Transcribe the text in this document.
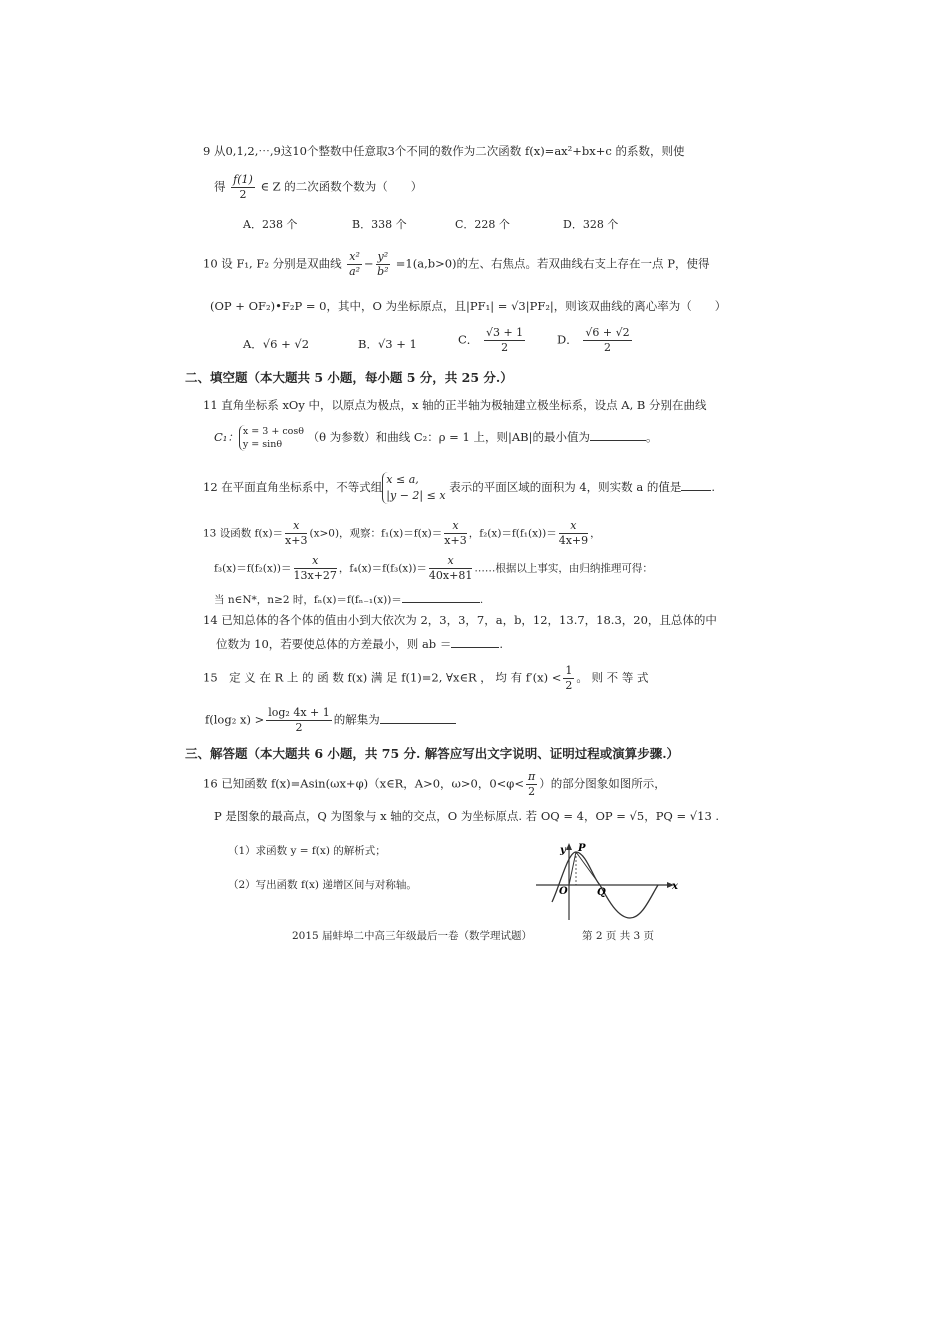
9 从0,1,2,⋯,9这10个整数中任意取3个不同的数作为二次函数 f(x)=ax²+bx+c 的系数，则使
得 $\frac{f(1)}{2}$ ∈ Z 的二次函数个数为（　　）
A．238 个	B．338 个	C．228 个	D．328 个
10 设 F₁, F₂ 分别是双曲线 $\frac{\text{x²}}{\text{a²}} - \frac{\text{y²}}{\text{b²}} =1(a,b>0)$的左、右焦点。若双曲线右支上存在一点 P，使得
(OP + OF₂)•F₂P = 0，其中，O 为坐标原点，且|PF₁| = √3|PF₂|，则该双曲线的离心率为（　　）
A．√6 + √2	B．√3 + 1	C． $\frac{√3 + 1}{2}$	D． $\frac{√6 + √2}{2}$
二、填空题（本大题共 5 小题，每小题 5 分，共 25 分.）
11 直角坐标系 xOy 中，以原点为极点，x 轴的正半轴为极轴建立极坐标系，设点 A, B 分别在曲线
C₁： x = 3 + cosθ
y = sinθ （θ 为参数）和曲线 C₂：ρ = 1 上，则|AB|的最小值为	。
12 在平面直角坐标系中，不等式组x ≤ a,
|y − 2| ≤ x 表示的平面区域的面积为 4，则实数 a 的值是	.
13 设函数 $f(x)= \frac{x}{x+3} (x>0)$，观察：$f_1(x)=f(x)= \frac{x}{x+3}$ ，$f_2(x)=f(f_1(x))= \frac{x}{4x+9}$ ，
$f_3(x)=f(f_2(x))= \frac{x}{13x+27}$ ，$f_4(x)=f(f_3(x))= \frac{x}{40x+81}$ ……根据以上事实，由归纳推理可得：
当 n∈N*，n≥2 时，fₙ(x)＝f(fₙ₋₁(x))＝	.
14 已知总体的各个体的值由小到大依次为 2，3，3，7，a，b，12，13.7，18.3，20，且总体的中
位数为 10，若要使总体的方差最小，则 ab ＝	.
15　定 义 在 R 上 的 函 数 f(x) 满 足 f(1)=2, ∀x∈R ， 均 有 $f'(x) < \frac{1}{2}$ 。 则 不 等 式
f(log₂ $x) > \frac{\text{log₂ 4x + 1}}{2}$ 的解集为
三、解答题（本大题共 6 小题，共 75 分. 解答应写出文字说明、证明过程或演算步骤.）
16 已知函数 f(x)=Asin(ωx+φ)（x∈R，A>0，ω>0，$0<\varphi< \frac{\pi}{2}$ ）的部分图象如图所示，
P 是图象的最高点，Q 为图象与 x 轴的交点，O 为坐标原点. 若 OQ = 4，OP = √5，PQ = √13 .
（1）求函数 y = f(x) 的解析式；
（2）写出函数 f(x) 递增区间与对称轴。
y P
O	Q
x
2015 届蚌埠二中高三年级最后一卷（数学理试题）	第 2 页 共 3 页
